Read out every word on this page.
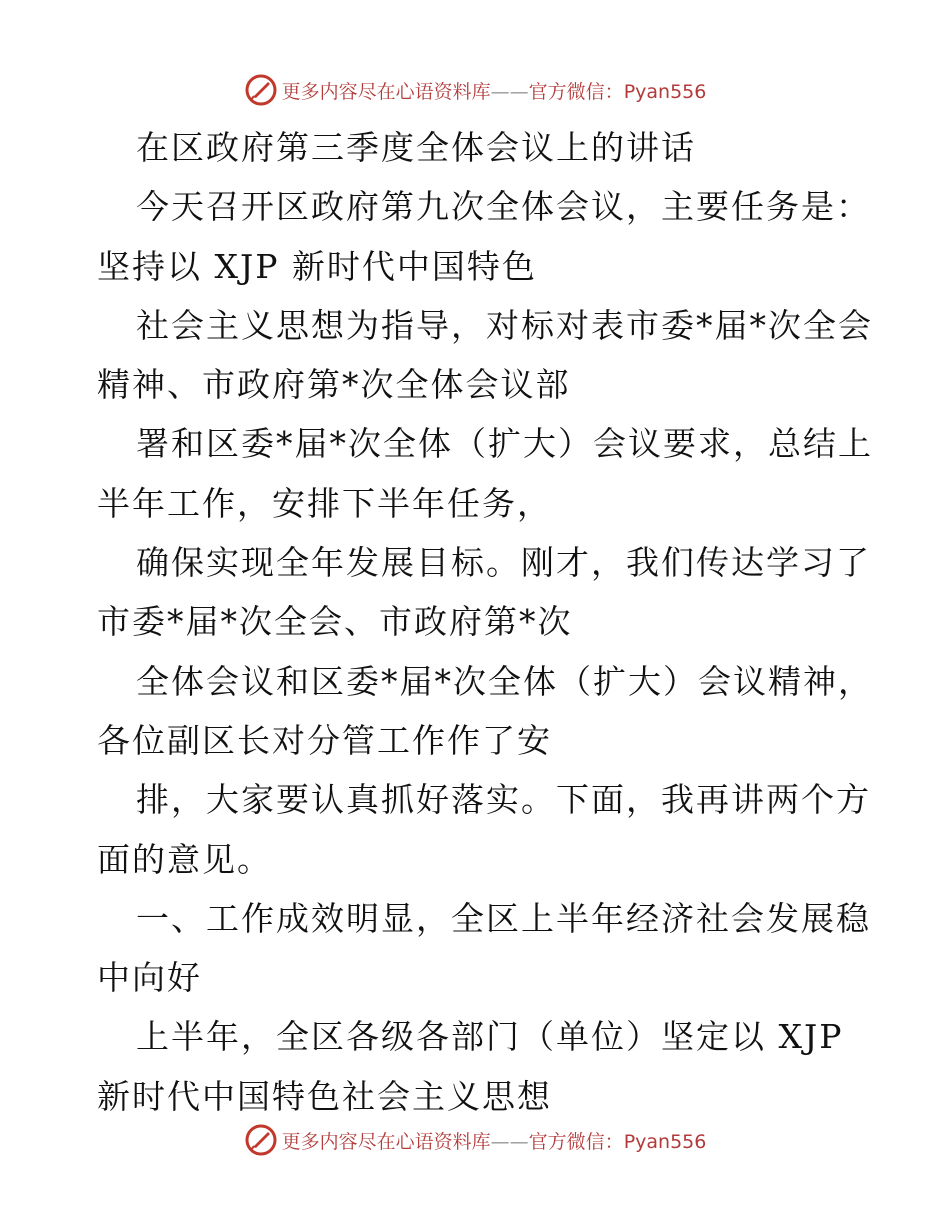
更多内容尽在心语资料库——官方微信：Pyan556
在区政府第三季度全体会议上的讲话
今天召开区政府第九次全体会议，主要任务是：
坚持以 XJP 新时代中国特色
社会主义思想为指导，对标对表市委*届*次全会
精神、市政府第*次全体会议部
署和区委*届*次全体（扩大）会议要求，总结上
半年工作，安排下半年任务，
确保实现全年发展目标。刚才，我们传达学习了
市委*届*次全会、市政府第*次
全体会议和区委*届*次全体（扩大）会议精神，
各位副区长对分管工作作了安
排，大家要认真抓好落实。下面，我再讲两个方
面的意见。
一、工作成效明显，全区上半年经济社会发展稳
中向好
上半年，全区各级各部门（单位）坚定以 XJP
新时代中国特色社会主义思想
更多内容尽在心语资料库——官方微信：Pyan556
